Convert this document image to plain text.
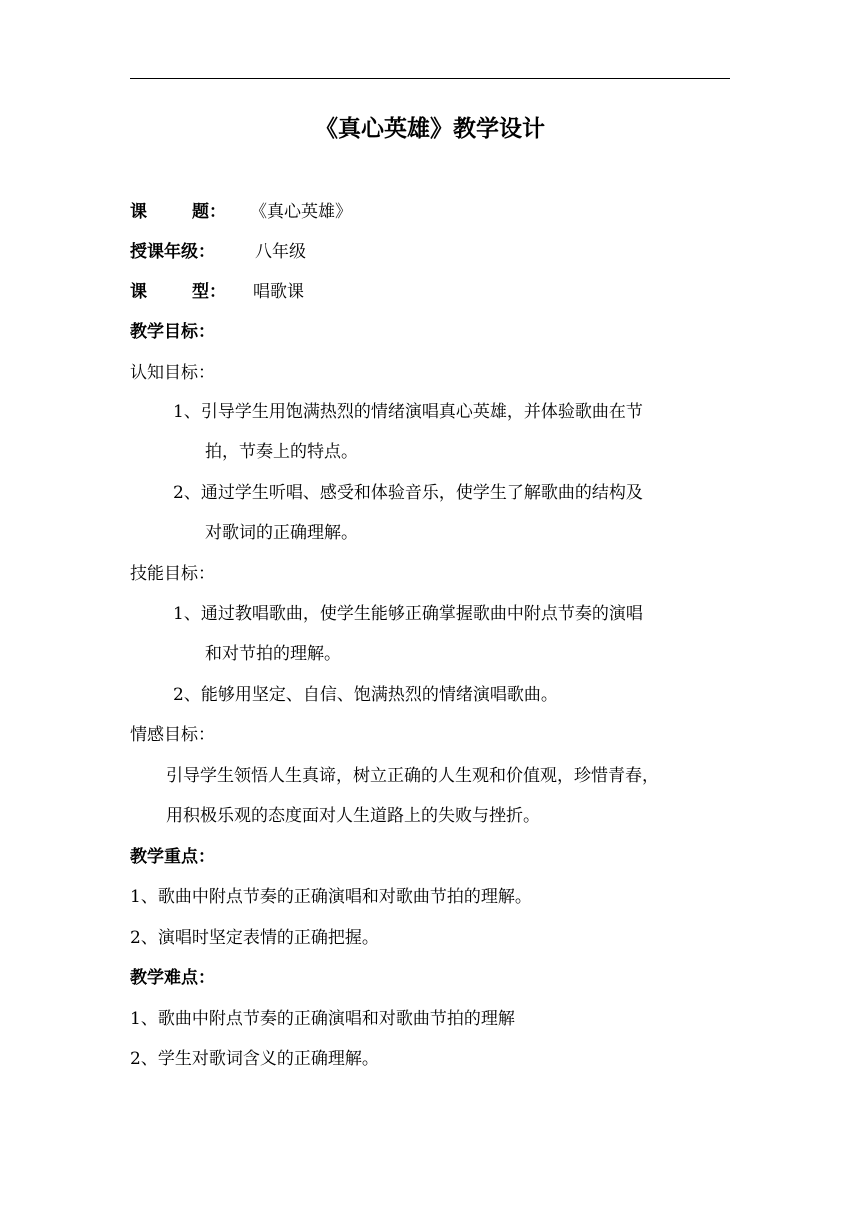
《真心英雄》教学设计
课	题： 《真心英雄》
授课年级： 八年级
课	型： 唱歌课
教学目标：
认知目标：
1、引导学生用饱满热烈的情绪演唱真心英雄，并体验歌曲在节
拍，节奏上的特点。
2、通过学生听唱、感受和体验音乐，使学生了解歌曲的结构及
对歌词的正确理解。
技能目标：
1、通过教唱歌曲，使学生能够正确掌握歌曲中附点节奏的演唱
和对节拍的理解。
2、能够用坚定、自信、饱满热烈的情绪演唱歌曲。
情感目标：
引导学生领悟人生真谛，树立正确的人生观和价值观，珍惜青春，
用积极乐观的态度面对人生道路上的失败与挫折。
教学重点：
1、歌曲中附点节奏的正确演唱和对歌曲节拍的理解。
2、演唱时坚定表情的正确把握。
教学难点：
1、歌曲中附点节奏的正确演唱和对歌曲节拍的理解
2、学生对歌词含义的正确理解。
